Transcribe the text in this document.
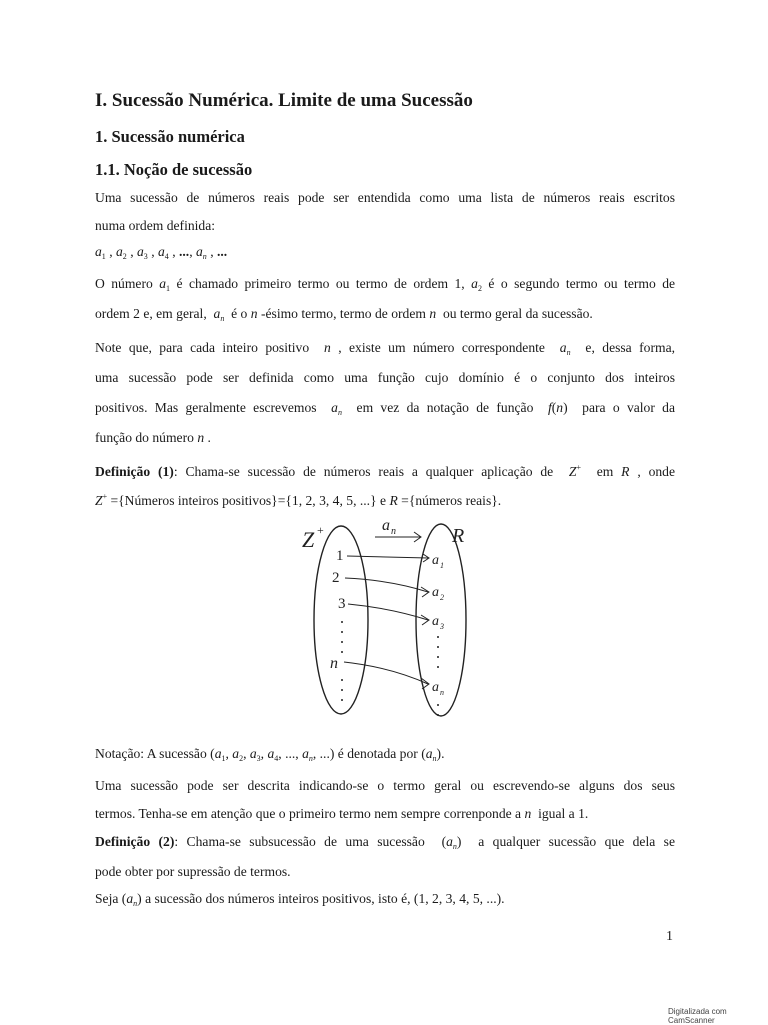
I. Sucessão Numérica. Limite de uma Sucessão
1. Sucessão numérica
1.1. Noção de sucessão
Uma sucessão de números reais pode ser entendida como uma lista de números reais escritos
numa ordem definida:
$a_1$ , $a_2$ , $a_3$ , $a_4$ , ..., $a_n$ , ...
O número $a_1$ é chamado primeiro termo ou termo de ordem 1, $a_2$ é o segundo termo ou termo de
ordem 2 e, em geral, $a_n$ é o n -ésimo termo, termo de ordem n ou termo geral da sucessão.
Note que, para cada inteiro positivo n , existe um número correspondente $a_n$ e, dessa forma,
uma sucessão pode ser definida como uma função cujo domínio é o conjunto dos inteiros
positivos. Mas geralmente escrevemos $a_n$ em vez da notação de função f(n)  para o valor da
função do número n .
Definição (1): Chama-se sucessão de números reais a qualquer aplicação de Z+ em R , onde
Z+ ={Números inteiros positivos}={1, 2, 3, 4, 5, ...} e R ={números reais}.
Z +	a n	R
1
2
3
n
a 1
a 2
a 3
a n
Notação: A sucessão ($a_1$, $a_2$, $a_3$, $a_4$, ..., $a_n$, ...) é denotada por $(a_n)$.
Uma sucessão pode ser descrita indicando-se o termo geral ou escrevendo-se alguns dos seus
termos. Tenha-se em atenção que o primeiro termo nem sempre correnponde a n igual a 1.
Definição (2): Chama-se subsucessão de uma sucessão  $(a_n)$  a qualquer sucessão que dela se
pode obter por supressão de termos.
Seja $(a_n)$ a sucessão dos números inteiros positivos, isto é, (1, 2, 3, 4, 5, ...).
1
Digitalizada com CamScanner
